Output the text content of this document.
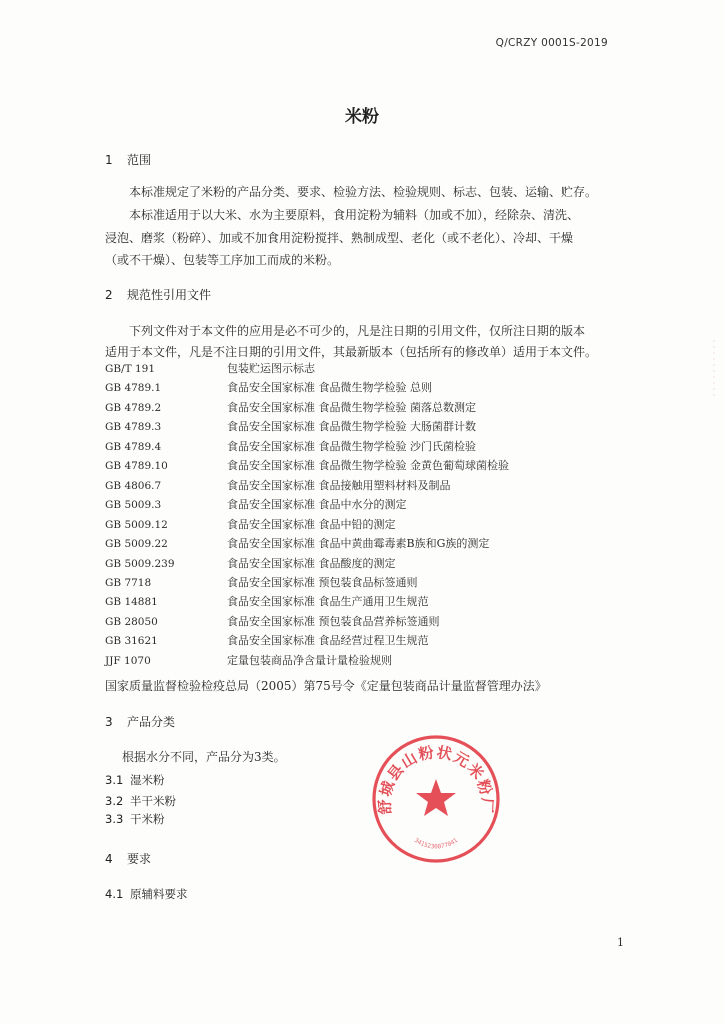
Q/CRZY 0001S-2019
米粉
1 范围
本标准规定了米粉的产品分类、要求、检验方法、检验规则、标志、包装、运输、贮存。
本标准适用于以大米、水为主要原料，食用淀粉为辅料（加或不加），经除杂、清洗、
浸泡、磨浆（粉碎）、加或不加食用淀粉搅拌、熟制成型、老化（或不老化）、冷却、干燥
（或不干燥）、包装等工序加工而成的米粉。
2 规范性引用文件
下列文件对于本文件的应用是必不可少的，凡是注日期的引用文件，仅所注日期的版本
适用于本文件，凡是不注日期的引用文件，其最新版本（包括所有的修改单）适用于本文件。
GB/T 191	包装贮运图示标志
GB 4789.1	食品安全国家标准 食品微生物学检验 总则
GB 4789.2	食品安全国家标准 食品微生物学检验 菌落总数测定
GB 4789.3	食品安全国家标准 食品微生物学检验 大肠菌群计数
GB 4789.4	食品安全国家标准 食品微生物学检验 沙门氏菌检验
GB 4789.10	食品安全国家标准 食品微生物学检验 金黄色葡萄球菌检验
GB 4806.7	食品安全国家标准 食品接触用塑料材料及制品
GB 5009.3	食品安全国家标准 食品中水分的测定
GB 5009.12	食品安全国家标准 食品中铅的测定
GB 5009.22	食品安全国家标准 食品中黄曲霉毒素B族和G族的测定
GB 5009.239	食品安全国家标准 食品酸度的测定
GB 7718	食品安全国家标准 预包装食品标签通则
GB 14881	食品安全国家标准 食品生产通用卫生规范
GB 28050	食品安全国家标准 预包装食品营养标签通则
GB 31621	食品安全国家标准 食品经营过程卫生规范
JJF 1070	定量包装商品净含量计量检验规则
国家质量监督检验检疫总局（2005）第75号令《定量包装商品计量监督管理办法》
3 产品分类
根据水分不同，产品分为3类。
3.1 湿米粉
3.2 半干米粉
3.3 干米粉
4 要求
4.1 原辅料要求
1
舒城县山粉状元米粉厂
3415230077041
